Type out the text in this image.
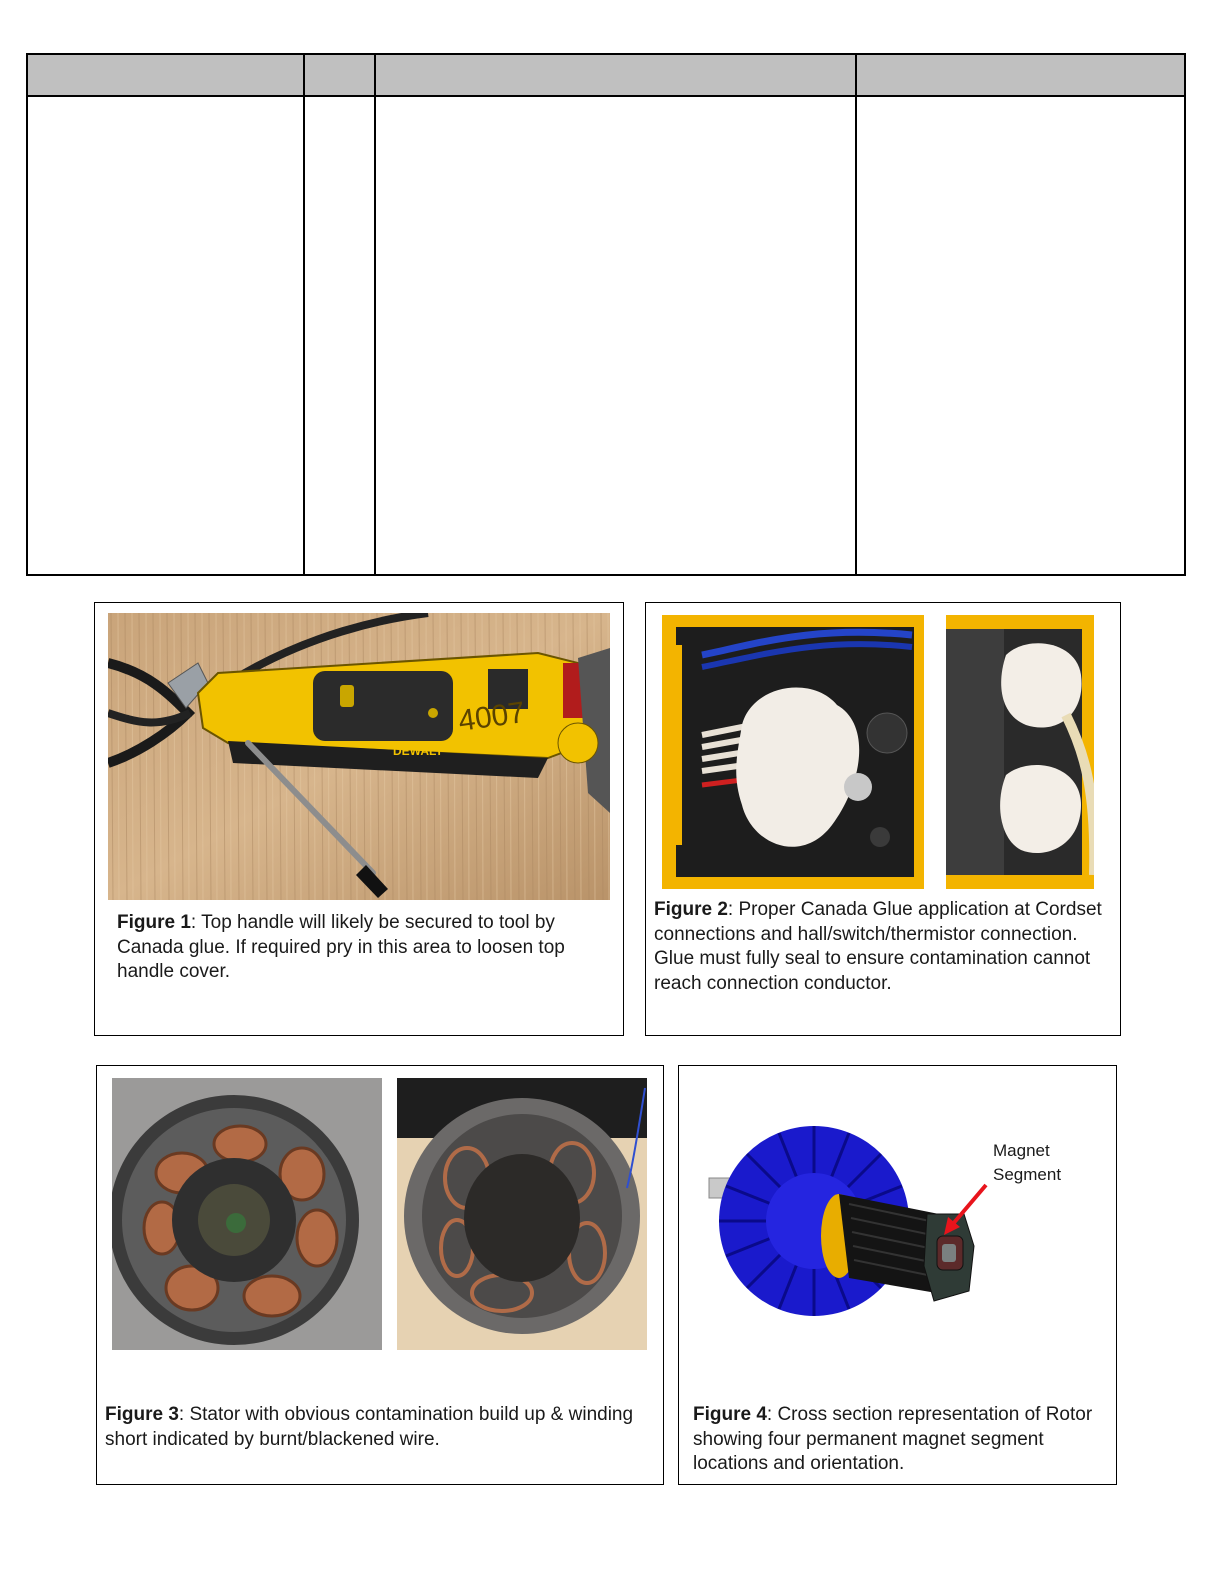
4007
DEWALT
Figure 1: Top handle will likely be secured to tool by Canada glue. If required pry in this area to loosen top handle cover.
Figure 2: Proper Canada Glue application at Cordset connections and hall/switch/thermistor connection. Glue must fully seal to ensure contamination cannot reach connection conductor.
Figure 3: Stator with obvious contamination build up & winding short indicated by burnt/blackened wire.
Magnet
Segment
Figure 4: Cross section representation of Rotor showing four permanent magnet segment locations and orientation.
